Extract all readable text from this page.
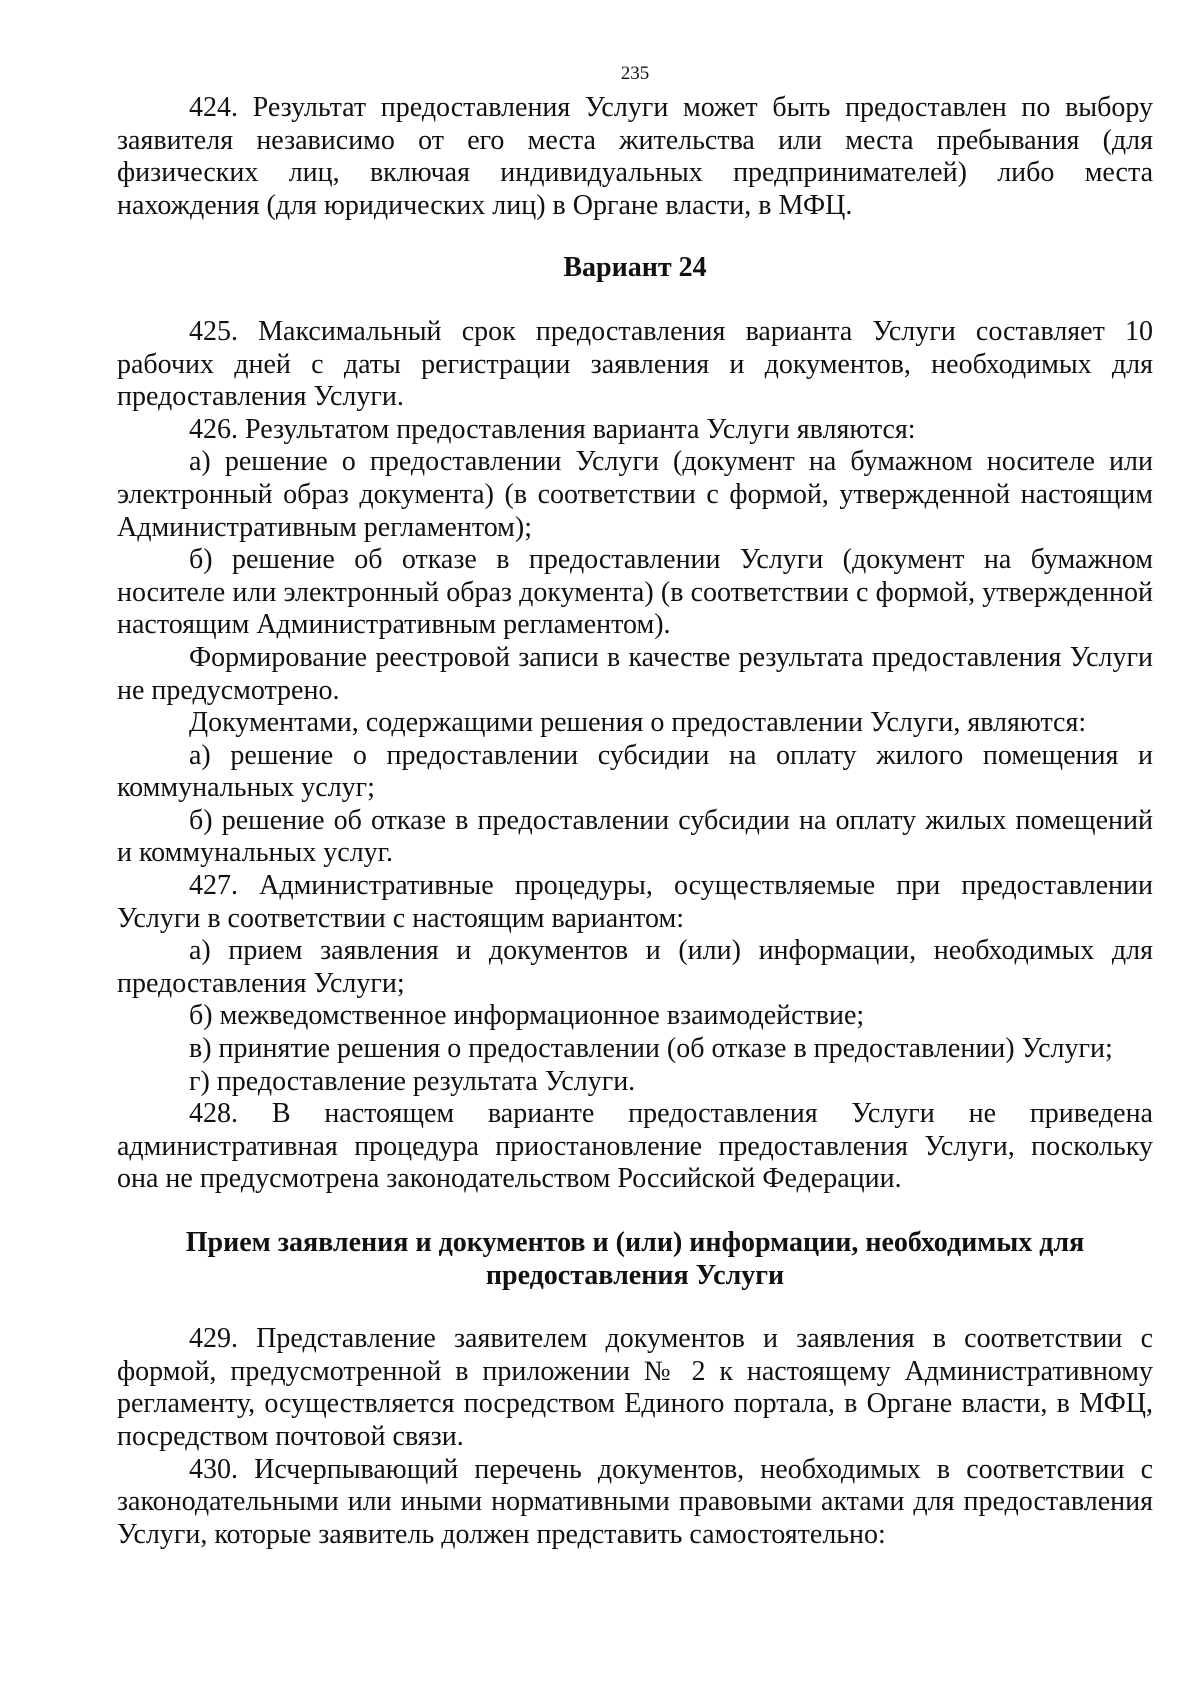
235

424. Результат предоставления Услуги может быть предоставлен по выбору заявителя независимо от его места жительства или места пребывания (для физических лиц, включая индивидуальных предпринимателей) либо места нахождения (для юридических лиц) в Органе власти, в МФЦ.

Вариант 24

425. Максимальный срок предоставления варианта Услуги составляет 10 рабочих дней с даты регистрации заявления и документов, необходимых для предоставления Услуги.

426. Результатом предоставления варианта Услуги являются:

а) решение о предоставлении Услуги (документ на бумажном носителе или электронный образ документа) (в соответствии с формой, утвержденной настоящим Административным регламентом);

б) решение об отказе в предоставлении Услуги (документ на бумажном носителе или электронный образ документа) (в соответствии с формой, утвержденной настоящим Административным регламентом).

Формирование реестровой записи в качестве результата предоставления Услуги не предусмотрено.

Документами, содержащими решения о предоставлении Услуги, являются:

а) решение о предоставлении субсидии на оплату жилого помещения и коммунальных услуг;

б) решение об отказе в предоставлении субсидии на оплату жилых помещений и коммунальных услуг.

427. Административные процедуры, осуществляемые при предоставлении Услуги в соответствии с настоящим вариантом:

а) прием заявления и документов и (или) информации, необходимых для предоставления Услуги;

б) межведомственное информационное взаимодействие;

в) принятие решения о предоставлении (об отказе в предоставлении) Услуги;

г) предоставление результата Услуги.

428. В настоящем варианте предоставления Услуги не приведена административная процедура приостановление предоставления Услуги, поскольку она не предусмотрена законодательством Российской Федерации.

Прием заявления и документов и (или) информации, необходимых для предоставления Услуги

429. Представление заявителем документов и заявления в соответствии с формой, предусмотренной в приложении № 2 к настоящему Административному регламенту, осуществляется посредством Единого портала, в Органе власти, в МФЦ, посредством почтовой связи.

430. Исчерпывающий перечень документов, необходимых в соответствии с законодательными или иными нормативными правовыми актами для предоставления Услуги, которые заявитель должен представить самостоятельно:
